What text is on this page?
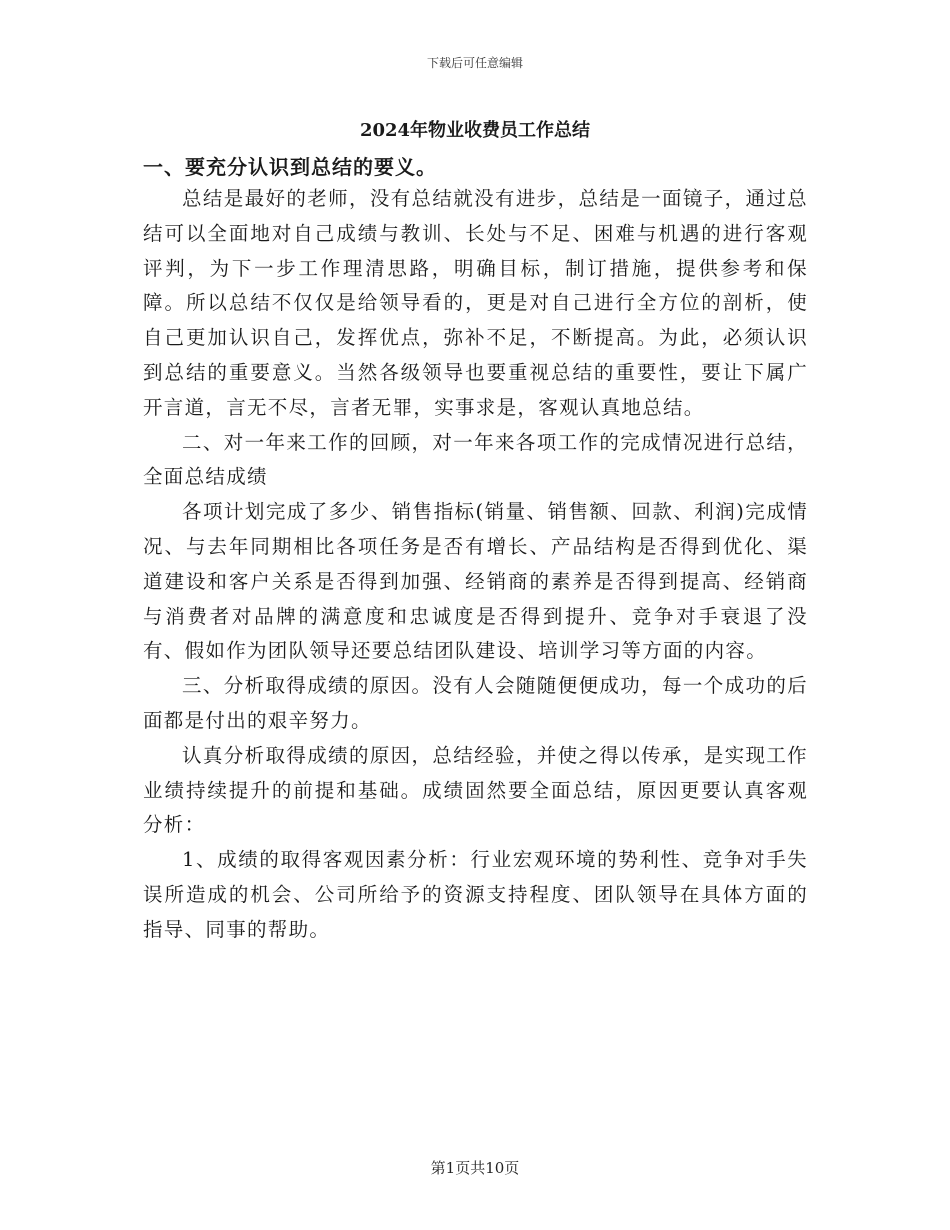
下载后可任意编辑
2024年物业收费员工作总结
一、要充分认识到总结的要义。

总结是最好的老师，没有总结就没有进步，总结是一面镜子，通过总结可以全面地对自己成绩与教训、长处与不足、困难与机遇的进行客观评判，为下一步工作理清思路，明确目标，制订措施，提供参考和保障。所以总结不仅仅是给领导看的，更是对自己进行全方位的剖析，使自己更加认识自己，发挥优点，弥补不足，不断提高。为此，必须认识到总结的重要意义。当然各级领导也要重视总结的重要性，要让下属广开言道，言无不尽，言者无罪，实事求是，客观认真地总结。

二、对一年来工作的回顾，对一年来各项工作的完成情况进行总结，全面总结成绩

各项计划完成了多少、销售指标(销量、销售额、回款、利润)完成情况、与去年同期相比各项任务是否有增长、产品结构是否得到优化、渠道建设和客户关系是否得到加强、经销商的素养是否得到提高、经销商与消费者对品牌的满意度和忠诚度是否得到提升、竞争对手衰退了没有、假如作为团队领导还要总结团队建设、培训学习等方面的内容。

三、分析取得成绩的原因。没有人会随随便便成功，每一个成功的后面都是付出的艰辛努力。

认真分析取得成绩的原因，总结经验，并使之得以传承，是实现工作业绩持续提升的前提和基础。成绩固然要全面总结，原因更要认真客观分析：

1、成绩的取得客观因素分析：行业宏观环境的势利性、竞争对手失误所造成的机会、公司所给予的资源支持程度、团队领导在具体方面的指导、同事的帮助。

第1页共10页
